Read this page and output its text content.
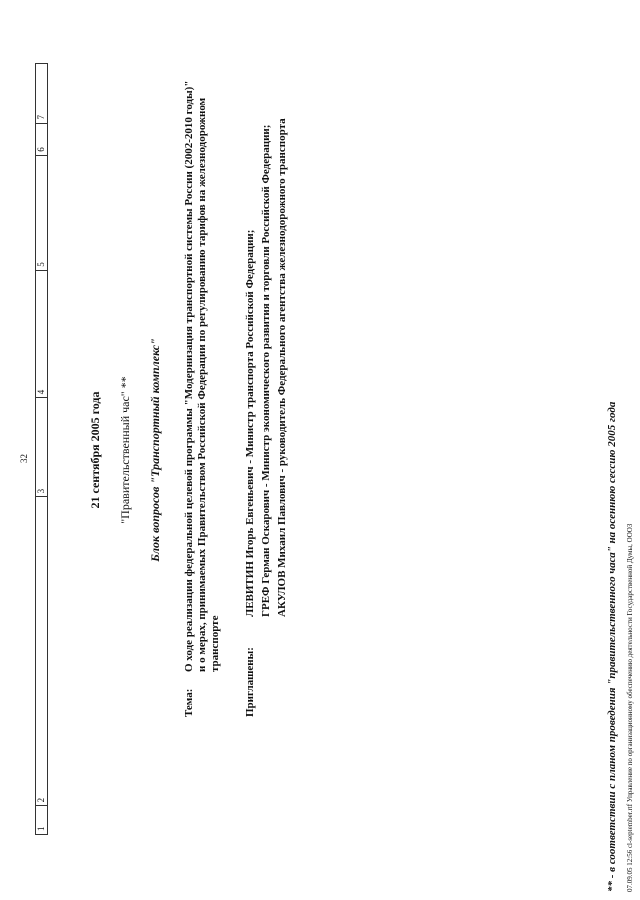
32
1
2
3
4
5
6
7
21 сентября 2005 года "Правительственный час" ** Блок вопросов "Транспортный комплекс"
Тема:
О ходе реализации федеральной целевой программы "Модернизация транспортной системы России (2002-2010 годы)" и о мерах, принимаемых Правительством Российской Федерации по регулированию тарифов на железнодорожном транспорте
Приглашены:
ЛЕВИТИН Игорь Евгеньевич - Министр транспорта Российской Федерации; ГРЕФ Герман Оскарович - Министр экономического развития и торговли Российской Федерации; АКУЛОВ Михаил Павлович - руководитель Федерального агентства железнодорожного транспорта
** - в соответствии с планом проведения "правительственного часа" на осеннюю сессию 2005 года 07.09.05 12:56 cl-september.rtf Управление по организационному обеспечению деятельности Государственной Думы, ОООЗ
